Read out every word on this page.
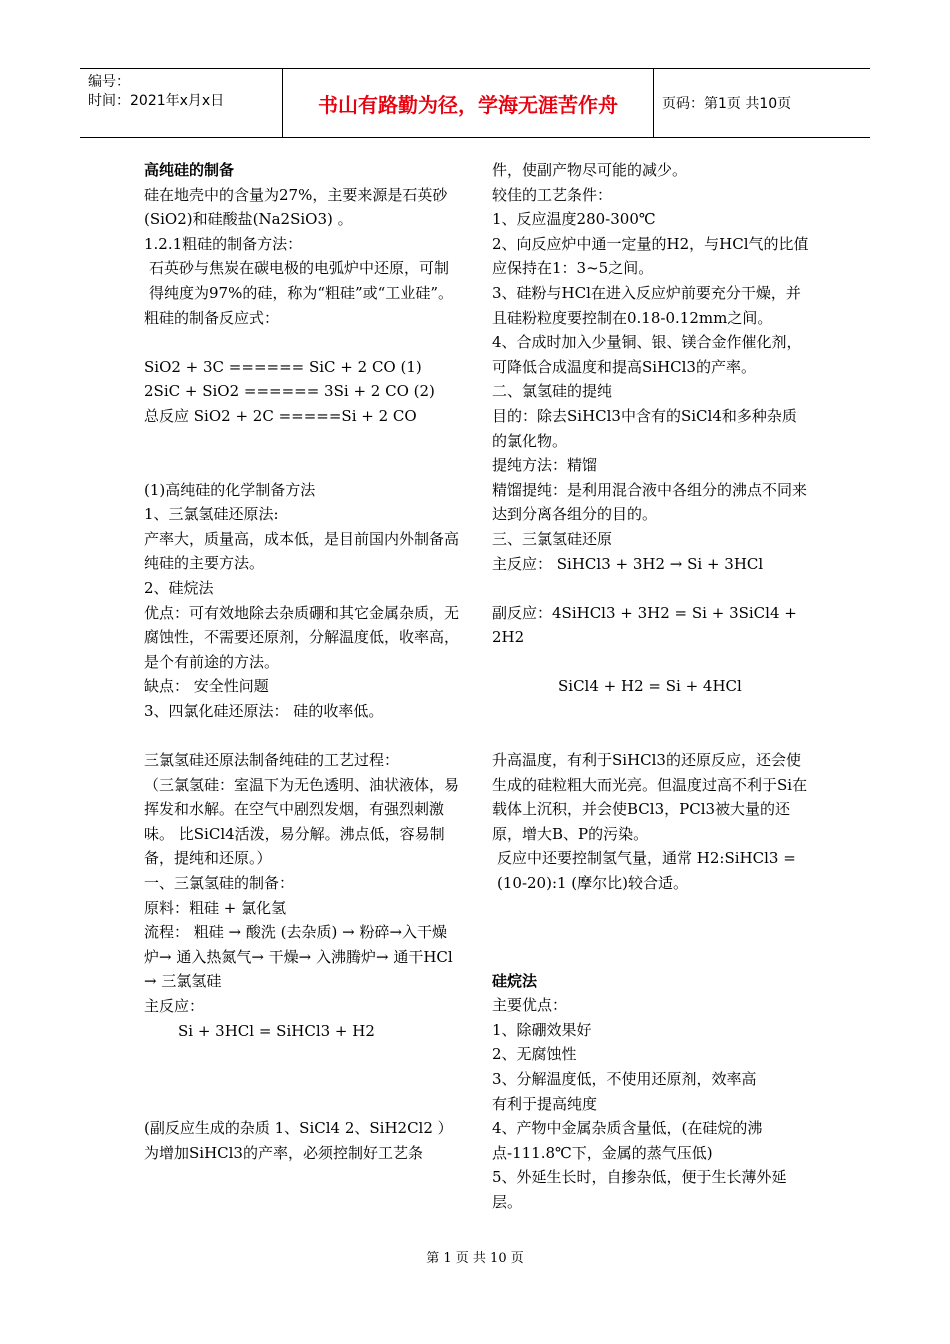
编号：
时间：2021年x月x日	书山有路勤为径，学海无涯苦作舟	页码：第1页 共10页

高纯硅的制备

硅在地壳中的含量为27%，主要来源是石英砂(SiO2)和硅酸盐(Na2SiO3) 。

1.2.1粗硅的制备方法：

石英砂与焦炭在碳电极的电弧炉中还原，可制得纯度为97%的硅，称为“粗硅”或“工业硅”。

粗硅的制备反应式：

SiO2 + 3C ====== SiC + 2 CO (1)

2SiC + SiO2 ====== 3Si + 2 CO (2)

总反应 SiO2 + 2C =====Si + 2 CO

(1)高纯硅的化学制备方法

1、三氯氢硅还原法:

产率大，质量高，成本低，是目前国内外制备高纯硅的主要方法。

2、硅烷法

优点：可有效地除去杂质硼和其它金属杂质，无腐蚀性，不需要还原剂，分解温度低，收率高，是个有前途的方法。

缺点： 安全性问题

3、四氯化硅还原法： 硅的收率低。

三氯氢硅还原法制备纯硅的工艺过程：

（三氯氢硅：室温下为无色透明、油状液体，易挥发和水解。在空气中剧烈发烟，有强烈刺激味。 比SiCl4活泼，易分解。沸点低，容易制备，提纯和还原。）

一、三氯氢硅的制备：

原料：粗硅 + 氯化氢

流程： 粗硅 → 酸洗 (去杂质) → 粉碎→入干燥炉→ 通入热氮气→ 干燥→ 入沸腾炉→ 通干HCl → 三氯氢硅

主反应：

Si + 3HCl = SiHCl3 + H2

(副反应生成的杂质 1、SiCl4 2、SiH2Cl2 ）

为增加SiHCl3的产率，必须控制好工艺条

件，使副产物尽可能的减少。

较佳的工艺条件：

1、反应温度280-300℃

2、向反应炉中通一定量的H2，与HCl气的比值应保持在1：3~5之间。

3、硅粉与HCl在进入反应炉前要充分干燥，并且硅粉粒度要控制在0.18-0.12mm之间。

4、合成时加入少量铜、银、镁合金作催化剂，可降低合成温度和提高SiHCl3的产率。

二、氯氢硅的提纯

目的：除去SiHCl3中含有的SiCl4和多种杂质的氯化物。

提纯方法：精馏

精馏提纯：是利用混合液中各组分的沸点不同来达到分离各组分的目的。

三、三氯氢硅还原

主反应： SiHCl3 + 3H2 → Si + 3HCl

副反应：4SiHCl3 + 3H2 = Si + 3SiCl4 + 2H2

SiCl4 + H2 = Si + 4HCl

升高温度，有利于SiHCl3的还原反应，还会使生成的硅粒粗大而光亮。但温度过高不利于Si在载体上沉积，并会使BCl3，PCl3被大量的还原，增大B、P的污染。

反应中还要控制氢气量，通常 H2:SiHCl3 =(10-20):1 (摩尔比)较合适。

硅烷法

主要优点：

1、除硼效果好

2、无腐蚀性

3、分解温度低，不使用还原剂，效率高

有利于提高纯度

4、产物中金属杂质含量低，(在硅烷的沸点-111.8℃下，金属的蒸气压低)

5、外延生长时，自掺杂低，便于生长薄外延层。

第 1 页 共 10 页
